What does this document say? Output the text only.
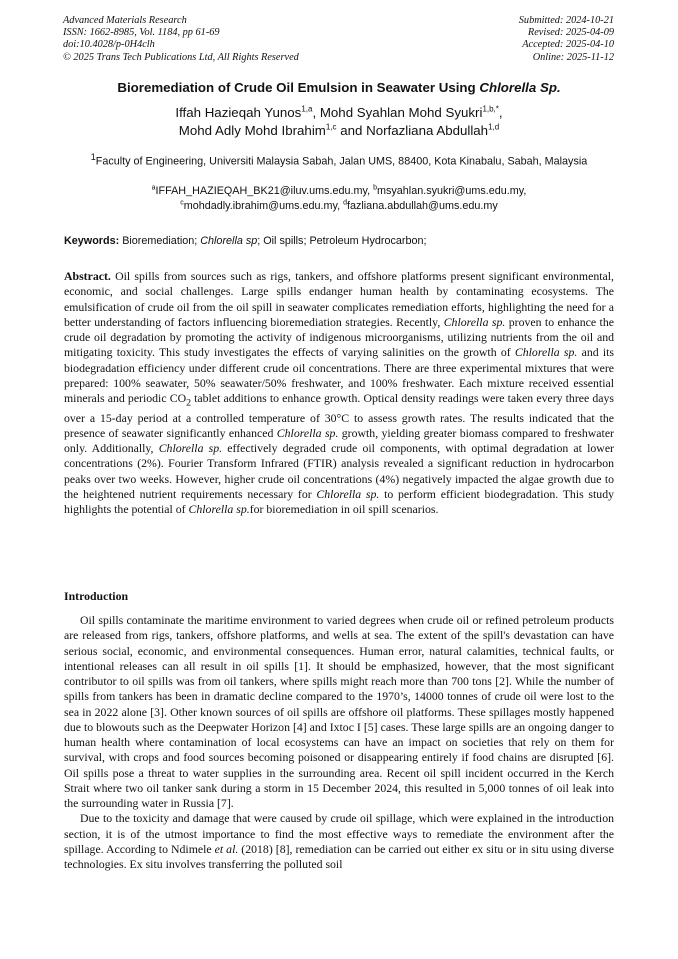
Advanced Materials Research
ISSN: 1662-8985, Vol. 1184, pp 61-69
doi:10.4028/p-0H4clh
© 2025 Trans Tech Publications Ltd, All Rights Reserved
Submitted: 2024-10-21
Revised: 2025-04-09
Accepted: 2025-04-10
Online: 2025-11-12
Bioremediation of Crude Oil Emulsion in Seawater Using Chlorella Sp.
Iffah Hazieqah Yunos$^{1,a}$, Mohd Syahlan Mohd Syukri$^{1,b,*}$,
Mohd Adly Mohd Ibrahim$^{1,c}$ and Norfazliana Abdullah$^{1,d}$
$^1$Faculty of Engineering, Universiti Malaysia Sabah, Jalan UMS, 88400, Kota Kinabalu, Sabah, Malaysia
$^a$IFFAH_HAZIEQAH_BK21@iluv.ums.edu.my, $^b$msyahlan.syukri@ums.edu.my,
$^c$mohdadly.ibrahim@ums.edu.my, $^d$fazliana.abdullah@ums.edu.my
Keywords: Bioremediation; Chlorella sp; Oil spills; Petroleum Hydrocarbon;
Abstract. Oil spills from sources such as rigs, tankers, and offshore platforms present significant environmental, economic, and social challenges. Large spills endanger human health by contaminating ecosystems. The emulsification of crude oil from the oil spill in seawater complicates remediation efforts, highlighting the need for a better understanding of factors influencing bioremediation strategies. Recently, Chlorella sp. proven to enhance the crude oil degradation by promoting the activity of indigenous microorganisms, utilizing nutrients from the oil and mitigating toxicity. This study investigates the effects of varying salinities on the growth of Chlorella sp. and its biodegradation efficiency under different crude oil concentrations. There are three experimental mixtures that were prepared: 100% seawater, 50% seawater/50% freshwater, and 100% freshwater. Each mixture received essential minerals and periodic $CO_2$ tablet additions to enhance growth. Optical density readings were taken every three days over a 15-day period at a controlled temperature of 30°C to assess growth rates. The results indicated that the presence of seawater significantly enhanced Chlorella sp. growth, yielding greater biomass compared to freshwater only. Additionally, Chlorella sp. effectively degraded crude oil components, with optimal degradation at lower concentrations (2%). Fourier Transform Infrared (FTIR) analysis revealed a significant reduction in hydrocarbon peaks over two weeks. However, higher crude oil concentrations (4%) negatively impacted the algae growth due to the heightened nutrient requirements necessary for Chlorella sp. to perform efficient biodegradation. This study highlights the potential of Chlorella sp.for bioremediation in oil spill scenarios.
Introduction

Oil spills contaminate the maritime environment to varied degrees when crude oil or refined petroleum products are released from rigs, tankers, offshore platforms, and wells at sea. The extent of the spill's devastation can have serious social, economic, and environmental consequences. Human error, natural calamities, technical faults, or intentional releases can all result in oil spills [1]. It should be emphasized, however, that the most significant contributor to oil spills was from oil tankers, where spills might reach more than 700 tons [2]. While the number of spills from tankers has been in dramatic decline compared to the 1970’s, 14000 tonnes of crude oil were lost to the sea in 2022 alone [3]. Other known sources of oil spills are offshore oil platforms. These spillages mostly happened due to blowouts such as the Deepwater Horizon [4] and Ixtoc I [5] cases. These large spills are an ongoing danger to human health where contamination of local ecosystems can have an impact on societies that rely on them for survival, with crops and food sources becoming poisoned or disappearing entirely if food chains are disrupted [6]. Oil spills pose a threat to water supplies in the surrounding area. Recent oil spill incident occurred in the Kerch Strait where two oil tanker sank during a storm in 15 December 2024, this resulted in 5,000 tonnes of oil leak into the surrounding water in Russia [7].

Due to the toxicity and damage that were caused by crude oil spillage, which were explained in the introduction section, it is of the utmost importance to find the most effective ways to remediate the environment after the spillage. According to Ndimele et al. (2018) [8], remediation can be carried out either ex situ or in situ using diverse technologies. Ex situ involves transferring the polluted soil
